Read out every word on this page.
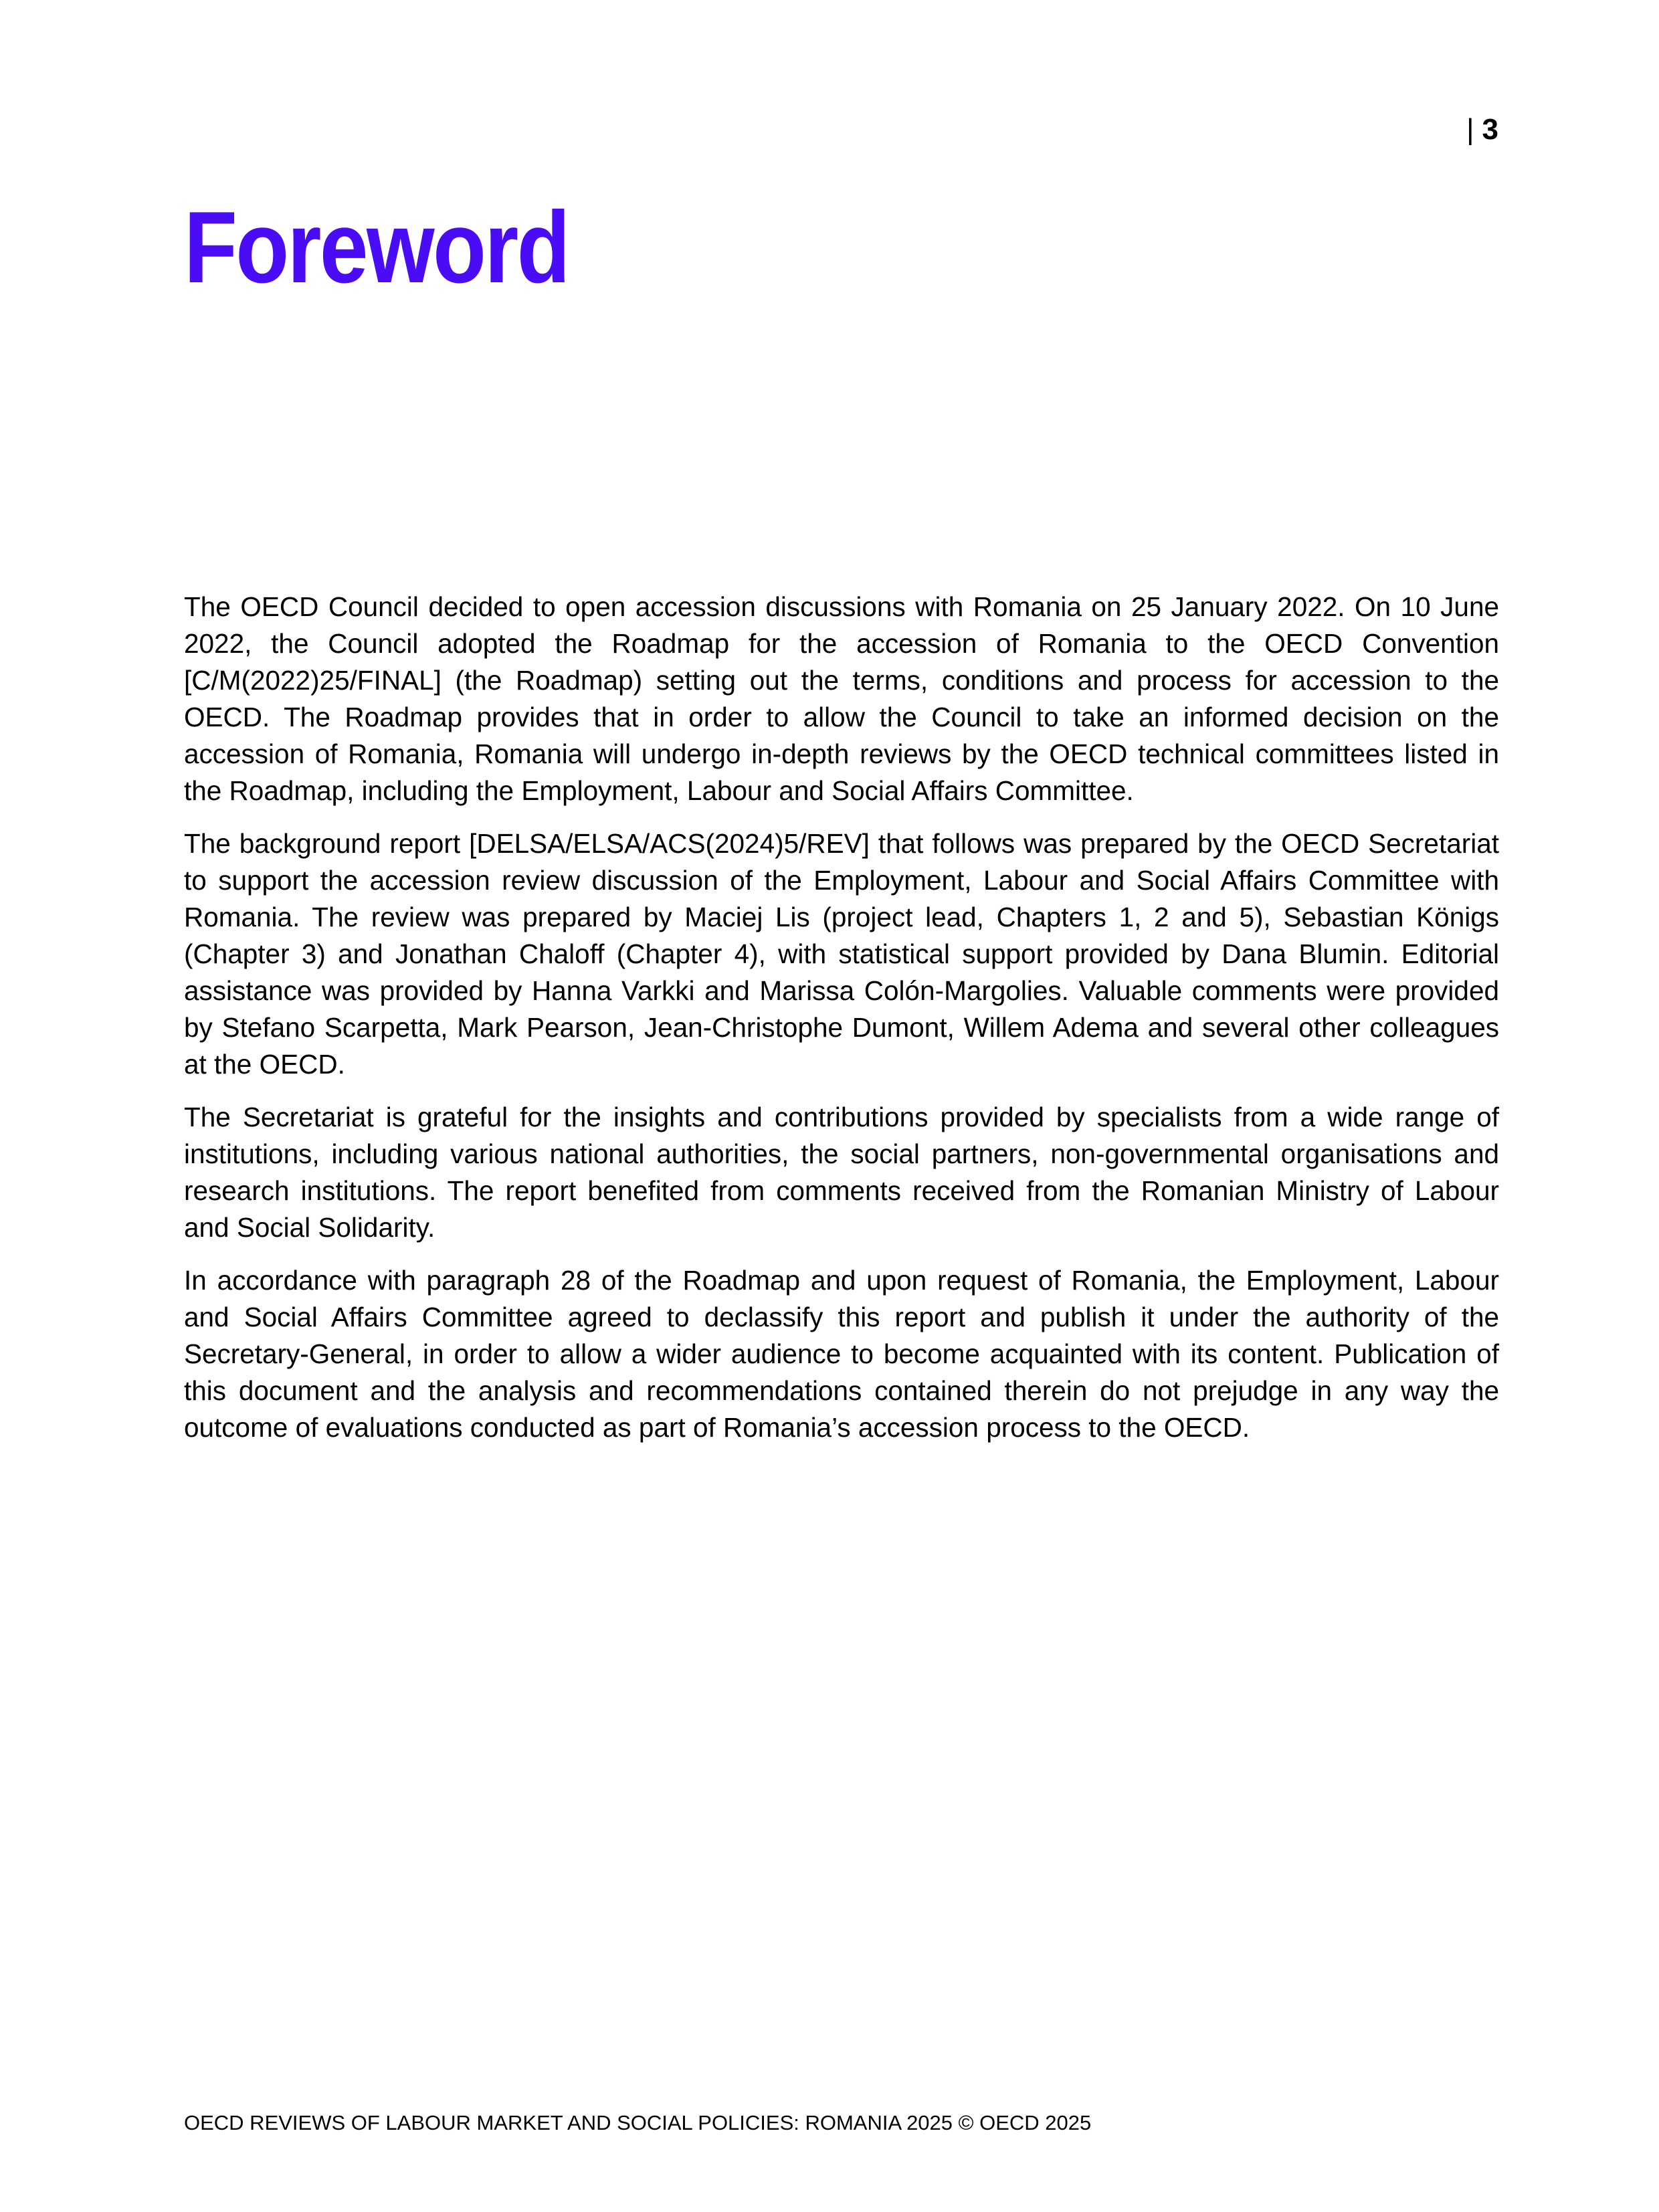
| 3
Foreword

The OECD Council decided to open accession discussions with Romania on 25 January 2022. On 10 June 2022, the Council adopted the Roadmap for the accession of Romania to the OECD Convention [C/M(2022)25/FINAL] (the Roadmap) setting out the terms, conditions and process for accession to the OECD. The Roadmap provides that in order to allow the Council to take an informed decision on the accession of Romania, Romania will undergo in-depth reviews by the OECD technical committees listed in the Roadmap, including the Employment, Labour and Social Affairs Committee.

The background report [DELSA/ELSA/ACS(2024)5/REV] that follows was prepared by the OECD Secretariat to support the accession review discussion of the Employment, Labour and Social Affairs Committee with Romania. The review was prepared by Maciej Lis (project lead, Chapters 1, 2 and 5), Sebastian Königs (Chapter 3) and Jonathan Chaloff (Chapter 4), with statistical support provided by Dana Blumin. Editorial assistance was provided by Hanna Varkki and Marissa Colón-Margolies. Valuable comments were provided by Stefano Scarpetta, Mark Pearson, Jean-Christophe Dumont, Willem Adema and several other colleagues at the OECD.

The Secretariat is grateful for the insights and contributions provided by specialists from a wide range of institutions, including various national authorities, the social partners, non-governmental organisations and research institutions. The report benefited from comments received from the Romanian Ministry of Labour and Social Solidarity.

In accordance with paragraph 28 of the Roadmap and upon request of Romania, the Employment, Labour and Social Affairs Committee agreed to declassify this report and publish it under the authority of the Secretary-General, in order to allow a wider audience to become acquainted with its content. Publication of this document and the analysis and recommendations contained therein do not prejudge in any way the outcome of evaluations conducted as part of Romania’s accession process to the OECD.

OECD REVIEWS OF LABOUR MARKET AND SOCIAL POLICIES: ROMANIA 2025 © OECD 2025
